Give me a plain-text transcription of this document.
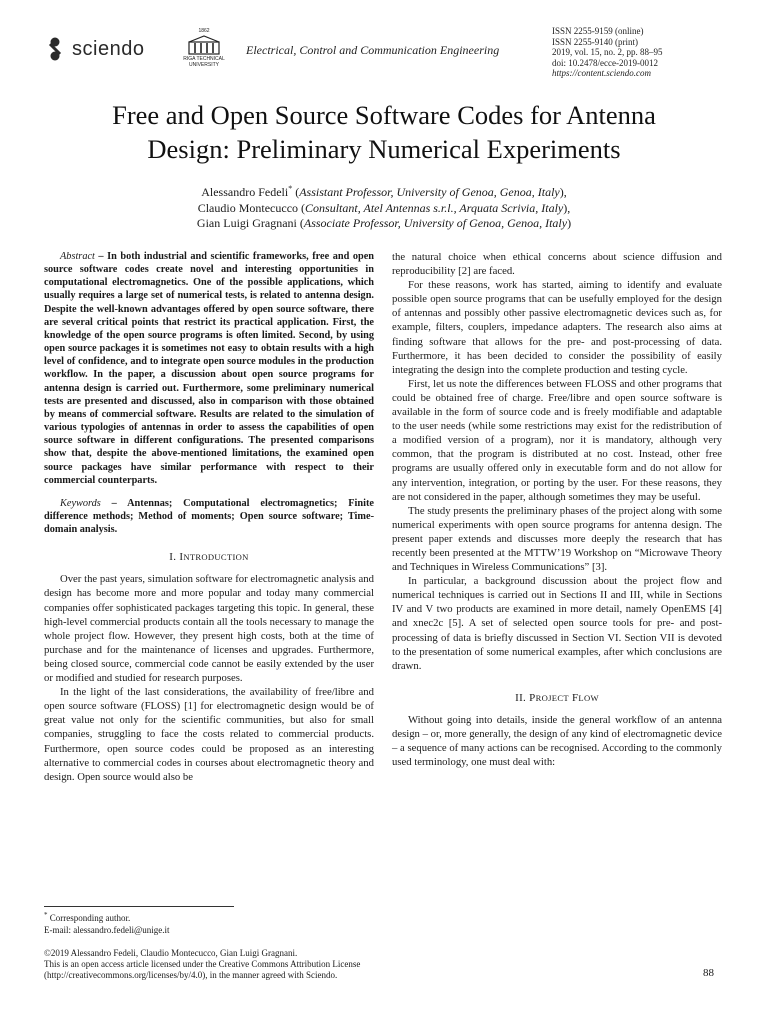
sciendo
1862
RIGA TECHNICAL
UNIVERSITY
Electrical, Control and Communication Engineering
ISSN 2255-9159 (online)
ISSN 2255-9140 (print)
2019, vol. 15, no. 2, pp. 88–95
doi: 10.2478/ecce-2019-0012
https://content.sciendo.com
Free and Open Source Software Codes for Antenna
Design: Preliminary Numerical Experiments
Alessandro Fedeli* (Assistant Professor, University of Genoa, Genoa, Italy),
Claudio Montecucco (Consultant, Atel Antennas s.r.l., Arquata Scrivia, Italy),
Gian Luigi Gragnani (Associate Professor, University of Genoa, Genoa, Italy)

Abstract – In both industrial and scientific frameworks, free and open source software codes create novel and interesting opportunities in computational electromagnetics. One of the possible applications, which usually requires a large set of numerical tests, is related to antenna design. Despite the well-known advantages offered by open source software, there are several critical points that restrict its practical application. First, the knowledge of the open source programs is often limited. Second, by using open source packages it is sometimes not easy to obtain results with a high level of confidence, and to integrate open source modules in the production workflow. In the paper, a discussion about open source programs for antenna design is carried out. Furthermore, some preliminary numerical tests are presented and discussed, also in comparison with those obtained by means of commercial software. Results are related to the simulation of various typologies of antennas in order to assess the capabilities of open source software in different configurations. The presented comparisons show that, despite the above-mentioned limitations, the examined open source packages have similar performance with respect to their commercial counterparts.

Keywords – Antennas; Computational electromagnetics; Finite difference methods; Method of moments; Open source software; Time-domain analysis.

I. INTRODUCTION

Over the past years, simulation software for electromagnetic analysis and design has become more and more popular and today many commercial companies offer sophisticated packages targeting this topic. In general, these high-level commercial products contain all the tools necessary to manage the whole project flow. However, they present high costs, both at the time of purchase and for the maintenance of licenses and upgrades. Furthermore, being closed source, commercial code cannot be easily extended by the user or modified and studied for research purposes.

In the light of the last considerations, the availability of free/libre and open source software (FLOSS) [1] for electromagnetic design would be of great value not only for the scientific communities, but also for small companies, struggling to face the costs related to commercial products. Furthermore, open source codes could be proposed as an interesting alternative to commercial codes in courses about electromagnetic theory and design. Open source would also be

the natural choice when ethical concerns about science diffusion and reproducibility [2] are faced.

For these reasons, work has started, aiming to identify and evaluate possible open source programs that can be usefully employed for the design of antennas and possibly other passive electromagnetic devices such as, for example, filters, couplers, impedance adapters. The research also aims at finding software that allows for the pre- and post-processing of data. Furthermore, it has been decided to consider the possibility of easily integrating the design into the complete production and testing cycle.

First, let us note the differences between FLOSS and other programs that could be obtained free of charge. Free/libre and open source software is available in the form of source code and is freely modifiable and adaptable to the user needs (while some restrictions may exist for the redistribution of a modified version of a program), nor it is mandatory, although very common, that the program is distributed at no cost. Instead, other free programs are usually offered only in executable form and do not allow for any intervention, integration, or porting by the user. For these reasons, they are not considered in the paper, although sometimes they may be useful.

The study presents the preliminary phases of the project along with some numerical experiments with open source programs for antenna design. The present paper extends and discusses more deeply the research that has recently been presented at the MTTW’19 Workshop on “Microwave Theory and Techniques in Wireless Communications” [3].

In particular, a background discussion about the project flow and numerical techniques is carried out in Sections II and III, while in Sections IV and V two products are examined in more detail, namely OpenEMS [4] and xnec2c [5]. A set of selected open source tools for pre- and post-processing of data is briefly discussed in Section VI. Section VII is devoted to the presentation of some numerical examples, after which conclusions are drawn.

II. PROJECT FLOW

Without going into details, inside the general workflow of an antenna design – or, more generally, the design of any kind of electromagnetic device – a sequence of many actions can be recognised. According to the commonly used terminology, one must deal with:

* Corresponding author.
E-mail: alessandro.fedeli@unige.it
©2019 Alessandro Fedeli, Claudio Montecucco, Gian Luigi Gragnani.
This is an open access article licensed under the Creative Commons Attribution License
(http://creativecommons.org/licenses/by/4.0), in the manner agreed with Sciendo.	88
